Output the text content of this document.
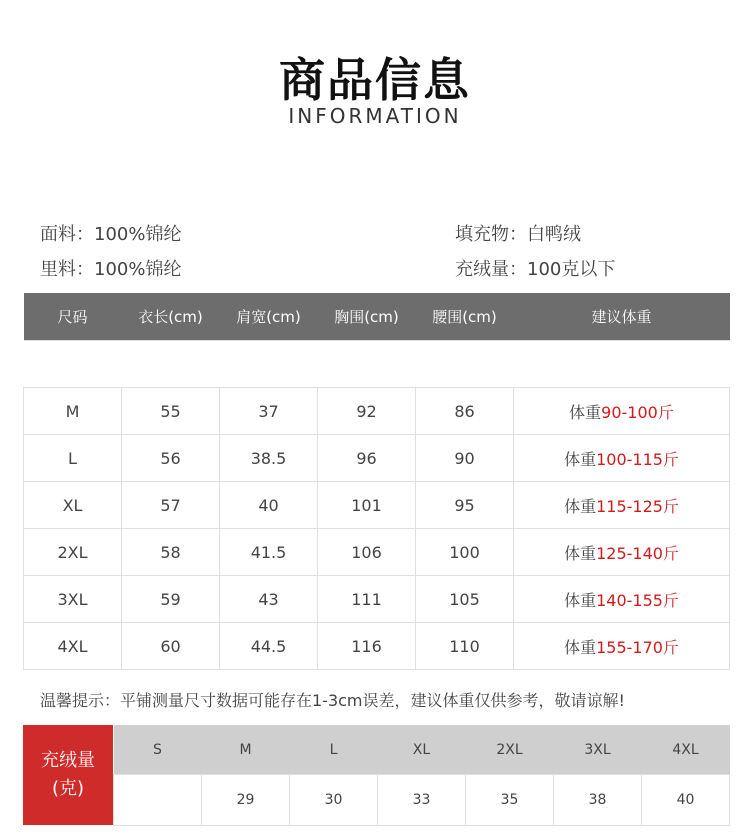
商品信息
INFORMATION
面料：100%锦纶
里料：100%锦纶
填充物：白鸭绒
充绒量：100克以下
尺码	衣长(cm)	肩宽(cm)	胸围(cm)	腰围(cm)	建议体重

M	55	37	92	86	体重90-100斤
L	56	38.5	96	90	体重100-115斤
XL	57	40	101	95	体重115-125斤
2XL	58	41.5	106	100	体重125-140斤
3XL	59	43	111	105	体重140-155斤
4XL	60	44.5	116	110	体重155-170斤
温馨提示：平铺测量尺寸数据可能存在1-3cm误差，建议体重仅供参考，敬请谅解!
充绒量
(克)
S	M	L	XL	2XL	3XL	4XL
	29	30	33	35	38	40
